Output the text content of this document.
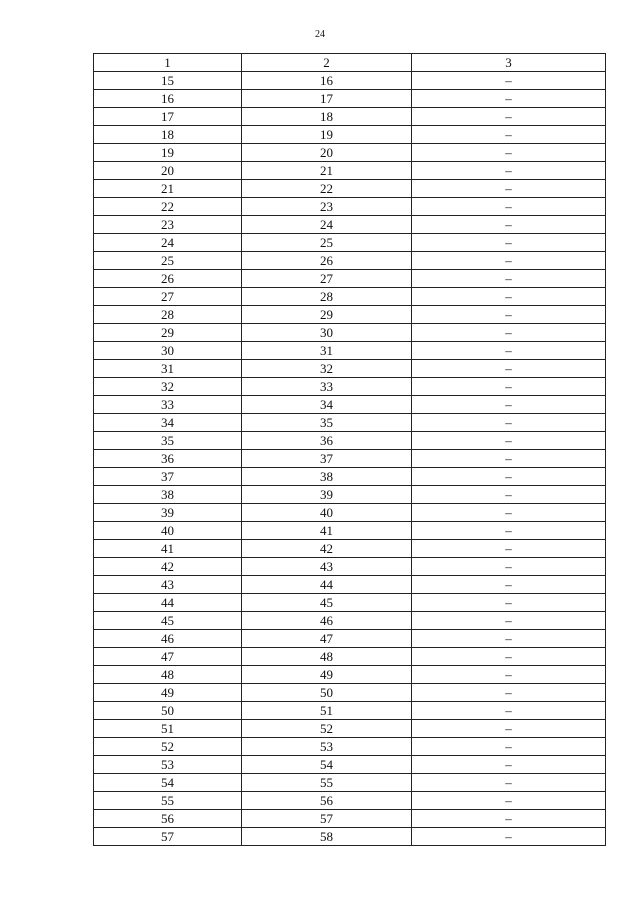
24
1	2	3
15	16	–
16	17	–
17	18	–
18	19	–
19	20	–
20	21	–
21	22	–
22	23	–
23	24	–
24	25	–
25	26	–
26	27	–
27	28	–
28	29	–
29	30	–
30	31	–
31	32	–
32	33	–
33	34	–
34	35	–
35	36	–
36	37	–
37	38	–
38	39	–
39	40	–
40	41	–
41	42	–
42	43	–
43	44	–
44	45	–
45	46	–
46	47	–
47	48	–
48	49	–
49	50	–
50	51	–
51	52	–
52	53	–
53	54	–
54	55	–
55	56	–
56	57	–
57	58	–
